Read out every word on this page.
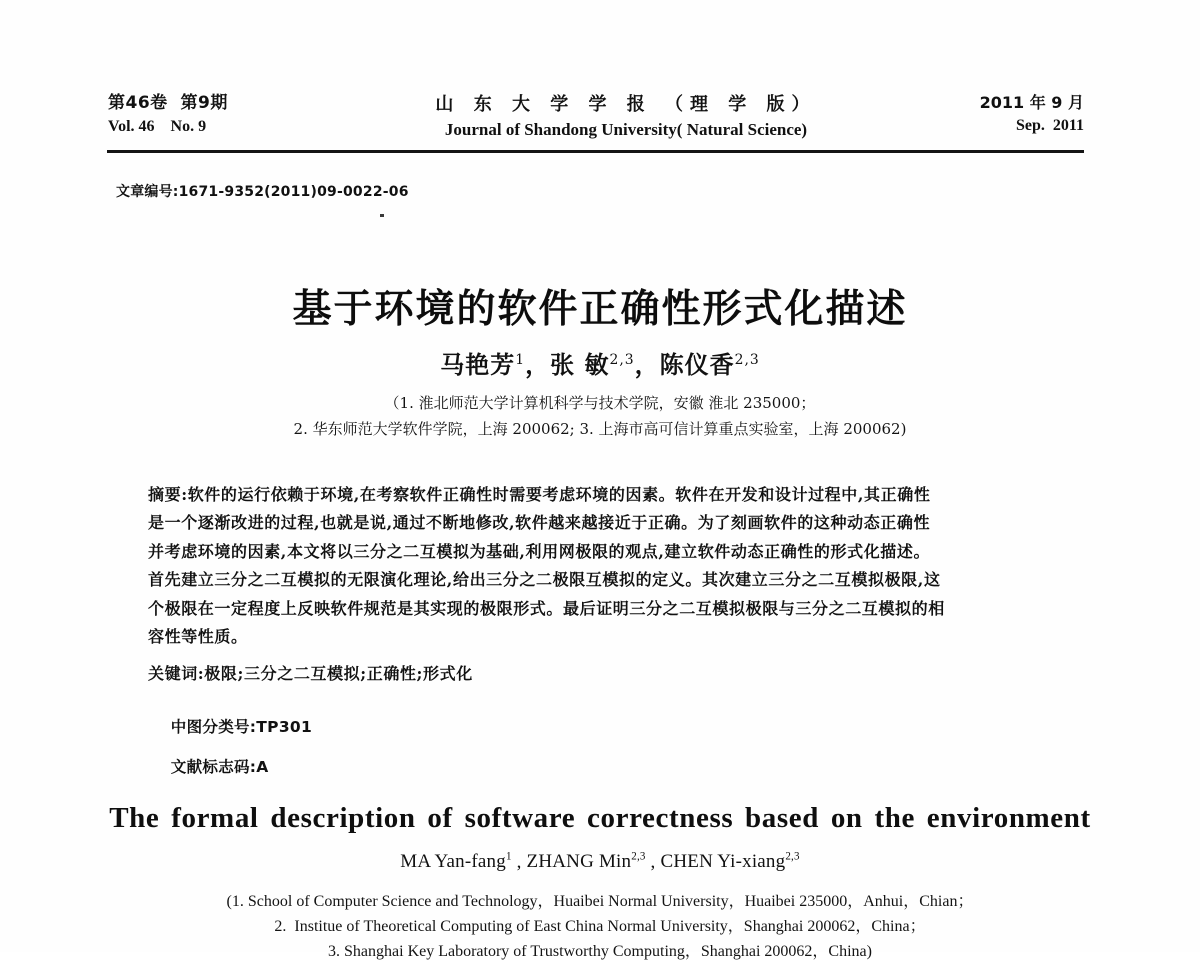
第46卷  第9期
Vol. 46    No. 9
山 东 大 学 学 报 （理 学 版）
Journal of Shandong University( Natural Science)
2011 年 9 月
Sep.  2011
文章编号:1671-9352(2011)09-0022-06
基于环境的软件正确性形式化描述
马艳芳$^1$，张 敏$^{2,3}$，陈仪香$^{2,3}$
（1. 淮北师范大学计算机科学与技术学院，安徽 淮北 235000；
2. 华东师范大学软件学院，上海 200062; 3. 上海市高可信计算重点实验室，上海 200062)
摘要:软件的运行依赖于环境,在考察软件正确性时需要考虑环境的因素。软件在开发和设计过程中,其正确性
是一个逐渐改进的过程,也就是说,通过不断地修改,软件越来越接近于正确。为了刻画软件的这种动态正确性
并考虑环境的因素,本文将以三分之二互模拟为基础,利用网极限的观点,建立软件动态正确性的形式化描述。
首先建立三分之二互模拟的无限演化理论,给出三分之二极限互模拟的定义。其次建立三分之二互模拟极限,这
个极限在一定程度上反映软件规范是其实现的极限形式。最后证明三分之二互模拟极限与三分之二互模拟的相
容性等性质。
关键词:极限;三分之二互模拟;正确性;形式化

中图分类号:TP301

文献标志码:A

The formal description of software correctness based on the environment
MA Yan-fang$^1$ , ZHANG Min$^{2,3}$ , CHEN Yi-xiang$^{2,3}$
(1. School of Computer Science and Technology，Huaibei Normal University，Huaibei 235000，Anhui，Chian；
2.  Institue of Theoretical Computing of East China Normal University，Shanghai 200062，China；
3. Shanghai Key Laboratory of Trustworthy Computing，Shanghai 200062，China)
